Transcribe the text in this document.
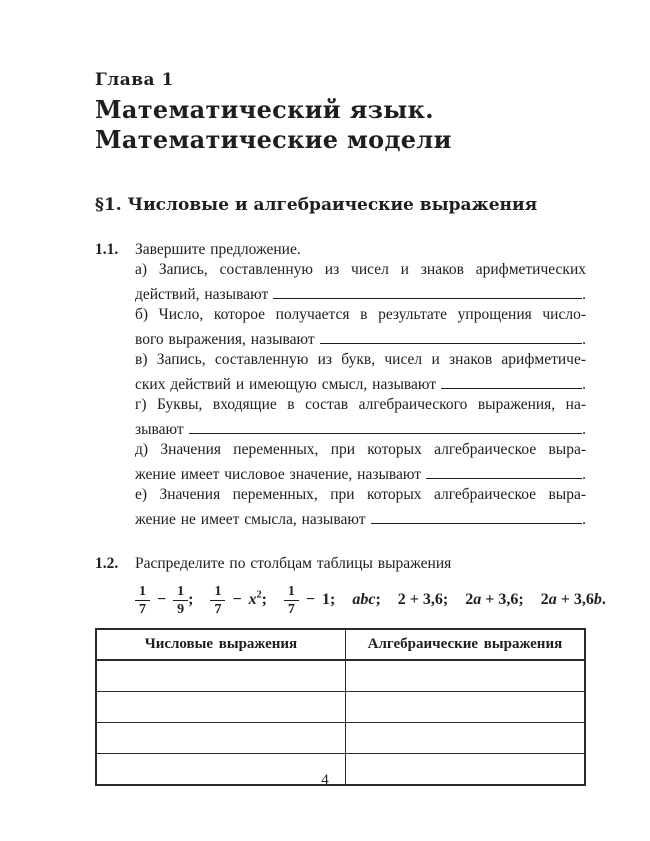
Глава 1
Математический язык.
Математические модели
§1. Числовые и алгебраические выражения
1.1.	Завершите предложение.
а) Запись, составленную из чисел и знаков арифметических
действий, называют	.
б) Число, которое получается в результате упрощения число-
вого выражения, называют	.
в) Запись, составленную из букв, чисел и знаков арифметиче-
ских действий и имеющую смысл, называют	.
г) Буквы, входящие в состав алгебраического выражения, на-
зывают	.
д) Значения переменных, при которых алгебраическое выра-
жение имеет числовое значение, называют	.
е) Значения переменных, при которых алгебраическое выра-
жение не имеет смысла, называют	.
1.2.	Распределите по столбцам таблицы выражения
$\frac{1}{7} - \frac{1}{9}$ ; $\frac{1}{7} - x^2$ ; $\frac{1}{7} - 1$ ; abc ; 2 + 3,6; 2a + 3,6; 2a + 3,6b.
Числовые выражения	Алгебраические выражения

4
